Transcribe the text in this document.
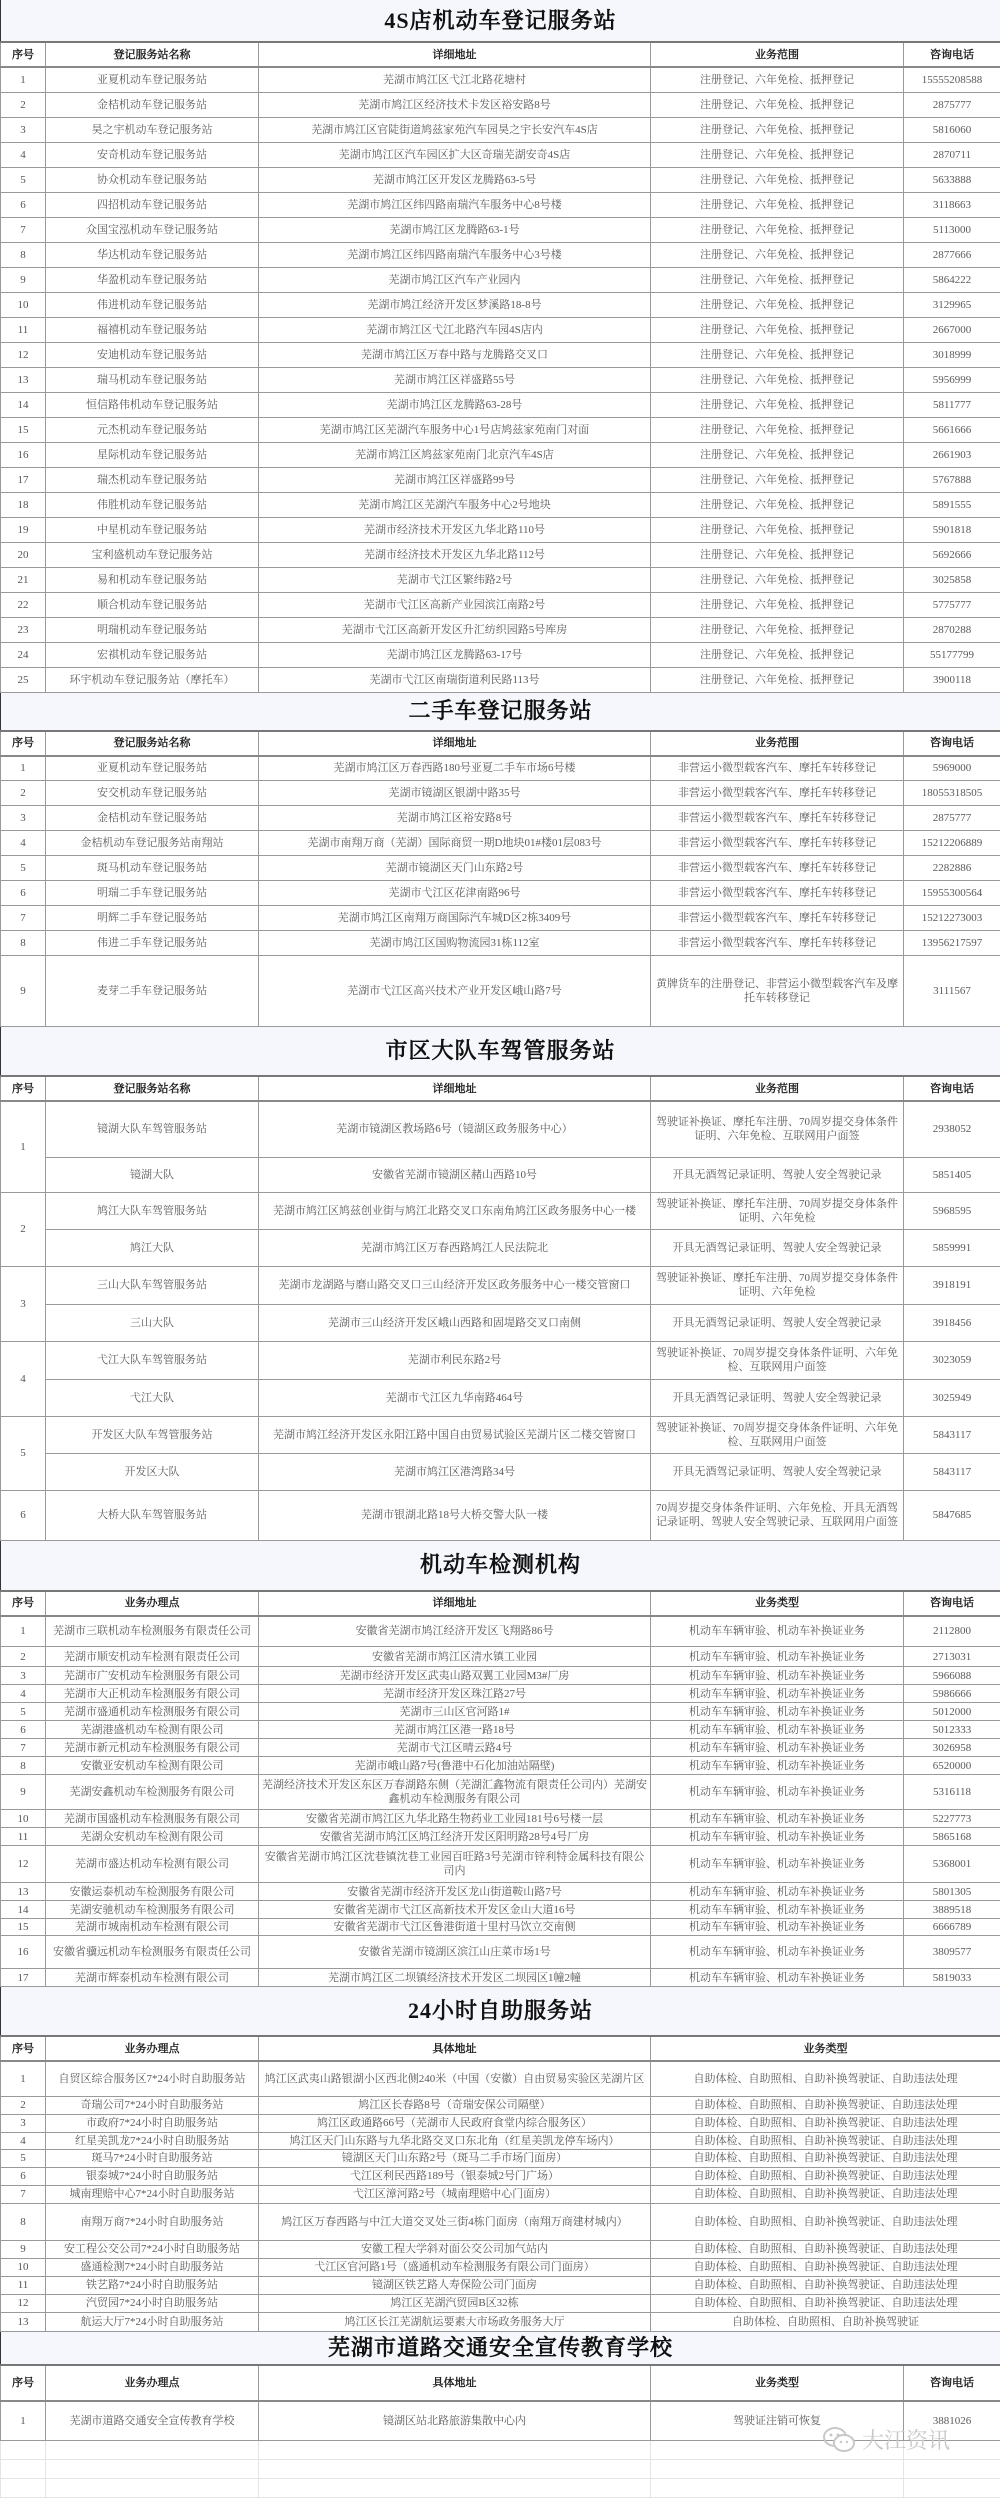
4S店机动车登记服务站				
序号	登记服务站名称	详细地址	业务范围	咨询电话
1	亚夏机动车登记服务站	芜湖市鸠江区弋江北路花塘村	注册登记、六年免检、抵押登记	15555208588
2	金桔机动车登记服务站	芜湖市鸠江区经济技术卡发区裕安路8号	注册登记、六年免检、抵押登记	2875777
3	昊之宇机动车登记服务站	芜湖市鸠江区官陡街道鸠兹家苑汽车园昊之宇长安汽车4S店	注册登记、六年免检、抵押登记	5816060
4	安奇机动车登记服务站	芜湖市鸠江区汽车园区扩大区奇瑞芜湖安奇4S店	注册登记、六年免检、抵押登记	2870711
5	协众机动车登记服务站	芜湖市鸠江区开发区龙腾路63-5号	注册登记、六年免检、抵押登记	5633888
6	四招机动车登记服务站	芜湖市鸠江区纬四路南瑞汽车服务中心8号楼	注册登记、六年免检、抵押登记	3118663
7	众国宝泓机动车登记服务站	芜湖市鸠江区龙腾路63-1号	注册登记、六年免检、抵押登记	5113000
8	华达机动车登记服务站	芜湖市鸠江区纬四路南瑞汽车服务中心3号楼	注册登记、六年免检、抵押登记	2877666
9	华盈机动车登记服务站	芜湖市鸠江区汽车产业园内	注册登记、六年免检、抵押登记	5864222
10	伟进机动车登记服务站	芜湖市鸠江经济开发区梦溪路18-8号	注册登记、六年免检、抵押登记	3129965
11	福禧机动车登记服务站	芜湖市鸠江区弋江北路汽车园4S店内	注册登记、六年免检、抵押登记	2667000
12	安迪机动车登记服务站	芜湖市鸠江区万春中路与龙腾路交叉口	注册登记、六年免检、抵押登记	3018999
13	瑞马机动车登记服务站	芜湖市鸠江区祥盛路55号	注册登记、六年免检、抵押登记	5956999
14	恒信路伟机动车登记服务站	芜湖市鸠江区龙腾路63-28号	注册登记、六年免检、抵押登记	5811777
15	元杰机动车登记服务站	芜湖市鸠江区芜湖汽车服务中心1号店鸠兹家苑南门对面	注册登记、六年免检、抵押登记	5661666
16	星际机动车登记服务站	芜湖市鸠江区鸠兹家苑南门北京汽车4S店	注册登记、六年免检、抵押登记	2661903
17	瑞杰机动车登记服务站	芜湖市鸠江区祥盛路99号	注册登记、六年免检、抵押登记	5767888
18	伟胜机动车登记服务站	芜湖市鸠江区芜湖汽车服务中心2号地块	注册登记、六年免检、抵押登记	5891555
19	中星机动车登记服务站	芜湖市经济技术开发区九华北路110号	注册登记、六年免检、抵押登记	5901818
20	宝利盛机动车登记服务站	芜湖市经济技术开发区九华北路112号	注册登记、六年免检、抵押登记	5692666
21	易和机动车登记服务站	芜湖市弋江区繁纬路2号	注册登记、六年免检、抵押登记	3025858
22	顺合机动车登记服务站	芜湖市弋江区高新产业园滨江南路2号	注册登记、六年免检、抵押登记	5775777
23	明瑞机动车登记服务站	芜湖市弋江区高新开发区升汇纺织园路5号库房	注册登记、六年免检、抵押登记	2870288
24	宏祺机动车登记服务站	芜湖市鸠江区龙腾路63-17号	注册登记、六年免检、抵押登记	55177799
25	环宇机动车登记服务站（摩托车）	芜湖市弋江区南瑞街道利民路113号	注册登记、六年免检、抵押登记	3900118
二手车登记服务站				
序号	登记服务站名称	详细地址	业务范围	咨询电话
1	亚夏机动车登记服务站	芜湖市鸠江区万春西路180号亚夏二手车市场6号楼	非营运小微型载客汽车、摩托车转移登记	5969000
2	安交机动车登记服务站	芜湖市镜湖区银湖中路35号	非营运小微型载客汽车、摩托车转移登记	18055318505
3	金桔机动车登记服务站	芜湖市鸠江区裕安路8号	非营运小微型载客汽车、摩托车转移登记	2875777
4	金桔机动车登记服务站南翔站	芜湖市南翔万商（芜湖）国际商贸一期D地块01#楼01层083号	非营运小微型载客汽车、摩托车转移登记	15212206889
5	斑马机动车登记服务站	芜湖市镜湖区天门山东路2号	非营运小微型载客汽车、摩托车转移登记	2282886
6	明瑞二手车登记服务站	芜湖市弋江区花津南路96号	非营运小微型载客汽车、摩托车转移登记	15955300564
7	明辉二手车登记服务站	芜湖市鸠江区南翔万商国际汽车城D区2栋3409号	非营运小微型载客汽车、摩托车转移登记	15212273003
8	伟进二手车登记服务站	芜湖市鸠江区国购物流园31栋112室	非营运小微型载客汽车、摩托车转移登记	13956217597
9	麦芽二手车登记服务站	芜湖市弋江区高兴技术产业开发区峨山路7号	黄牌货车的注册登记、非营运小微型载客汽车及摩托车转移登记	3111567
市区大队车驾管服务站				
序号	登记服务站名称	详细地址	业务范围	咨询电话
1	镜湖大队车驾管服务站	芜湖市镜湖区教场路6号（镜湖区政务服务中心）	驾驶证补换证、摩托车注册、70周岁提交身体条件证明、六年免检、互联网用户面签	2938052
	镜湖大队	安徽省芜湖市镜湖区赭山西路10号	开具无酒驾记录证明、驾驶人安全驾驶记录	5851405
2	鸠江大队车驾管服务站	芜湖市鸠江区鸠兹创业街与鸠江北路交叉口东南角鸠江区政务服务中心一楼	驾驶证补换证、摩托车注册、70周岁提交身体条件证明、六年免检	5968595
	鸠江大队	芜湖市鸠江区万春西路鸠江人民法院北	开具无酒驾记录证明、驾驶人安全驾驶记录	5859991
3	三山大队车驾管服务站	芜湖市龙湖路与磨山路交叉口三山经济开发区政务服务中心一楼交管窗口	驾驶证补换证、摩托车注册、70周岁提交身体条件证明、六年免检	3918191
	三山大队	芜湖市三山经济开发区峨山西路和固堤路交叉口南侧	开具无酒驾记录证明、驾驶人安全驾驶记录	3918456
4	弋江大队车驾管服务站	芜湖市利民东路2号	驾驶证补换证、70周岁提交身体条件证明、六年免检、互联网用户面签	3023059
	弋江大队	芜湖市弋江区九华南路464号	开具无酒驾记录证明、驾驶人安全驾驶记录	3025949
5	开发区大队车驾管服务站	芜湖市鸠江经济开发区永阳江路中国自由贸易试验区芜湖片区二楼交管窗口	驾驶证补换证、70周岁提交身体条件证明、六年免检、互联网用户面签	5843117
	开发区大队	芜湖市鸠江区港湾路34号	开具无酒驾记录证明、驾驶人安全驾驶记录	5843117
6	大桥大队车驾管服务站	芜湖市银湖北路18号大桥交警大队一楼	70周岁提交身体条件证明、六年免检、开具无酒驾记录证明、驾驶人安全驾驶记录、互联网用户面签	5847685
机动车检测机构				
序号	业务办理点	详细地址	业务类型	咨询电话
1	芜湖市三联机动车检测服务有限责任公司	安徽省芜湖市鸠江经济开发区飞翔路86号	机动车车辆审验、机动车补换证业务	2112800
2	芜湖市顺安机动车检测有限责任公司	安徽省芜湖市鸠江区清水镇工业园	机动车车辆审验、机动车补换证业务	2713031
3	芜湖市广安机动车检测服务有限公司	芜湖市经济开发区武夷山路双翼工业园M3#厂房	机动车车辆审验、机动车补换证业务	5966088
4	芜湖市大正机动车检测服务有限公司	芜湖市经济开发区珠江路27号	机动车车辆审验、机动车补换证业务	5986666
5	芜湖市盛通机动车检测服务有限公司	芜湖市三山区官河路1#	机动车车辆审验、机动车补换证业务	5012000
6	芜湖港盛机动车检测有限公司	芜湖市鸠江区港一路18号	机动车车辆审验、机动车补换证业务	5012333
7	芜湖市新元机动车检测服务有限公司	芜湖市弋江区晴云路4号	机动车车辆审验、机动车补换证业务	3026958
8	安徽亚安机动车检测有限公司	芜湖市峨山路7号(鲁港中石化加油站隔壁)	机动车车辆审验、机动车补换证业务	6520000
9	芜湖安鑫机动车检测服务有限公司	芜湖经济技术开发区东区万春湖路东侧（芜湖汇鑫物流有限责任公司内）芜湖安鑫机动车检测服务有限公司	机动车车辆审验、机动车补换证业务	5316118
10	芜湖市国盛机动车检测服务有限公司	安徽省芜湖市鸠江区九华北路生物药业工业园181号6号楼一层	机动车车辆审验、机动车补换证业务	5227773
11	芜湖众安机动车检测有限公司	安徽省芜湖市鸠江区鸠江经济开发区阳明路28号4号厂房	机动车车辆审验、机动车补换证业务	5865168
12	芜湖市盛达机动车检测有限公司	安徽省芜湖市鸠江区沈巷镇沈巷工业园百旺路3号芜湖市锌利特金属科技有限公司内	机动车车辆审验、机动车补换证业务	5368001
13	安徽运泰机动车检测服务有限公司	安徽省芜湖市经济开发区龙山街道鞍山路7号	机动车车辆审验、机动车补换证业务	5801305
14	芜湖安驰机动车检测服务有限公司	安徽省芜湖市弋江区高新技术开发区金山大道16号	机动车车辆审验、机动车补换证业务	3889518
15	芜湖市城南机动车检测有限公司	安徽省芜湖市弋江区鲁港街道十里村马饮立交南侧	机动车车辆审验、机动车补换证业务	6666789
16	安徽省骥远机动车检测服务有限责任公司	安徽省芜湖市镜湖区滨江山庄菜市场1号	机动车车辆审验、机动车补换证业务	3809577
17	芜湖市辉泰机动车检测有限公司	芜湖市鸠江区二坝镇经济技术开发区二坝园区1幢2幢	机动车车辆审验、机动车补换证业务	5819033
24小时自助服务站			
序号	业务办理点	具体地址	业务类型
1	自贸区综合服务区7*24小时自助服务站	鸠江区武夷山路银湖小区西北侧240米（中国（安徽）自由贸易实验区芜湖片区	自助体检、自助照相、自助补换驾驶证、自助违法处理
2	奇瑞公司7*24小时自助服务站	鸠江区长春路8号（奇瑞安保公司隔壁）	自助体检、自助照相、自助补换驾驶证、自助违法处理
3	市政府7*24小时自助服务站	鸠江区政通路66号（芜湖市人民政府食堂内综合服务区）	自助体检、自助照相、自助补换驾驶证、自助违法处理
4	红星美凯龙7*24小时自助服务站	鸠江区天门山东路与九华北路交叉口东北角（红星美凯龙停车场内）	自助体检、自助照相、自助补换驾驶证、自助违法处理
5	斑马7*24小时自助服务站	镜湖区天门山东路2号（斑马二手市场门面房）	自助体检、自助照相、自助补换驾驶证、自助违法处理
6	银泰城7*24小时自助服务站	弋江区利民西路189号（银泰城2号门广场）	自助体检、自助照相、自助补换驾驶证、自助违法处理
7	城南理赔中心7*24小时自助服务站	弋江区漳河路2号（城南理赔中心门面房）	自助体检、自助照相、自助补换驾驶证、自助违法处理
8	南翔万商7*24小时自助服务站	鸠江区万春西路与中江大道交叉处三街4栋门面房（南翔万商建材城内）	自助体检、自助照相、自助补换驾驶证、自助违法处理
9	安工程公交公司7*24小时自助服务站	安徽工程大学斜对面公交公司加气站内	自助体检、自助照相、自助补换驾驶证、自助违法处理
10	盛通检测7*24小时自助服务站	弋江区官河路1号（盛通机动车检测服务有限公司门面房）	自助体检、自助照相、自助补换驾驶证、自助违法处理
11	铁艺路7*24小时自助服务站	镜湖区铁艺路人寿保险公司门面房	自助体检、自助照相、自助补换驾驶证、自助违法处理
12	汽贸园7*24小时自助服务站	鸠江区芜湖汽贸园B区32栋	自助体检、自助照相、自助补换驾驶证、自助违法处理
13	航运大厅7*24小时自助服务站	鸠江区长江芜湖航运要素大市场政务服务大厅	自助体检、自助照相、自助补换驾驶证
芜湖市道路交通安全宣传教育学校				
序号	业务办理点	具体地址	业务类型	咨询电话
1	芜湖市道路交通安全宣传教育学校	镜湖区站北路旅游集散中心内	驾驶证注销可恢复	3881026

大江资讯
